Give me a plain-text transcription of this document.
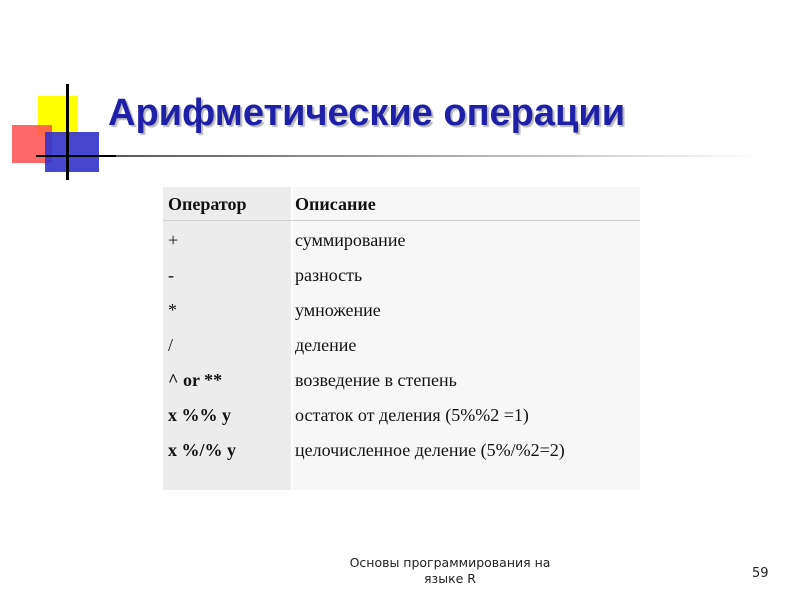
Арифметические операции
Оператор	Описание
+	суммирование
-	разность
*	умножение
/	деление
^ or **	возведение в степень
x %% y	остаток от деления (5%%2 =1)
x %/% y	целочисленное деление (5%/%2=2)
Основы программирования на
языке R	59
